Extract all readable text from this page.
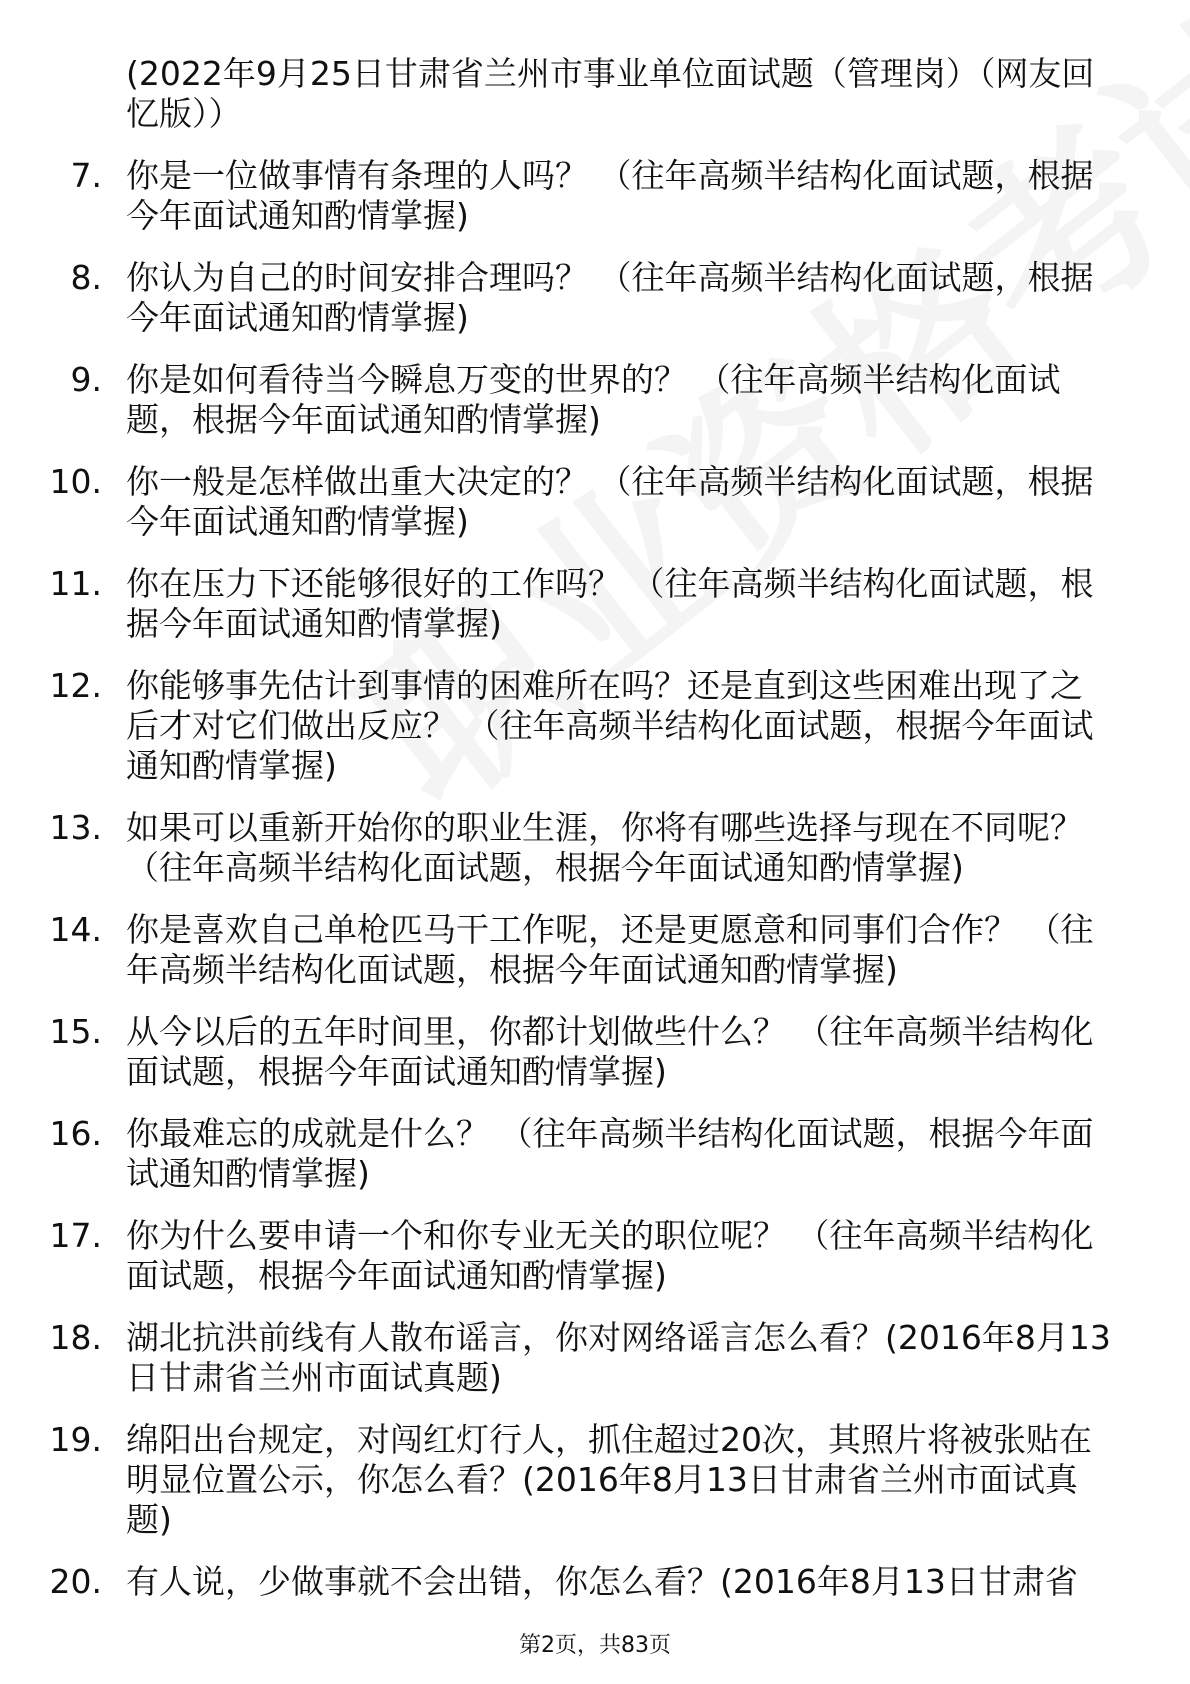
(2022年9月25日甘肃省兰州市事业单位面试题（管理岗）（网友回忆版））
7. 你是一位做事情有条理的人吗？ （往年高频半结构化面试题，根据今年面试通知酌情掌握)
8. 你认为自己的时间安排合理吗？ （往年高频半结构化面试题，根据今年面试通知酌情掌握)
9. 你是如何看待当今瞬息万变的世界的？ （往年高频半结构化面试题，根据今年面试通知酌情掌握)
10. 你一般是怎样做出重大决定的？ （往年高频半结构化面试题，根据今年面试通知酌情掌握)
11. 你在压力下还能够很好的工作吗？ （往年高频半结构化面试题，根据今年面试通知酌情掌握)
12. 你能够事先估计到事情的困难所在吗？还是直到这些困难出现了之后才对它们做出反应？ （往年高频半结构化面试题，根据今年面试通知酌情掌握)
13. 如果可以重新开始你的职业生涯，你将有哪些选择与现在不同呢？ （往年高频半结构化面试题，根据今年面试通知酌情掌握)
14. 你是喜欢自己单枪匹马干工作呢，还是更愿意和同事们合作？ （往年高频半结构化面试题，根据今年面试通知酌情掌握)
15. 从今以后的五年时间里，你都计划做些什么？ （往年高频半结构化面试题，根据今年面试通知酌情掌握)
16. 你最难忘的成就是什么？ （往年高频半结构化面试题，根据今年面试通知酌情掌握)
17. 你为什么要申请一个和你专业无关的职位呢？ （往年高频半结构化面试题，根据今年面试通知酌情掌握)
18. 湖北抗洪前线有人散布谣言，你对网络谣言怎么看？(2016年8月13日甘肃省兰州市面试真题)
19. 绵阳出台规定，对闯红灯行人，抓住超过20次，其照片将被张贴在明显位置公示，你怎么看？(2016年8月13日甘肃省兰州市面试真题)
20. 有人说，少做事就不会出错，你怎么看？(2016年8月13日甘肃省
第2页，共83页
